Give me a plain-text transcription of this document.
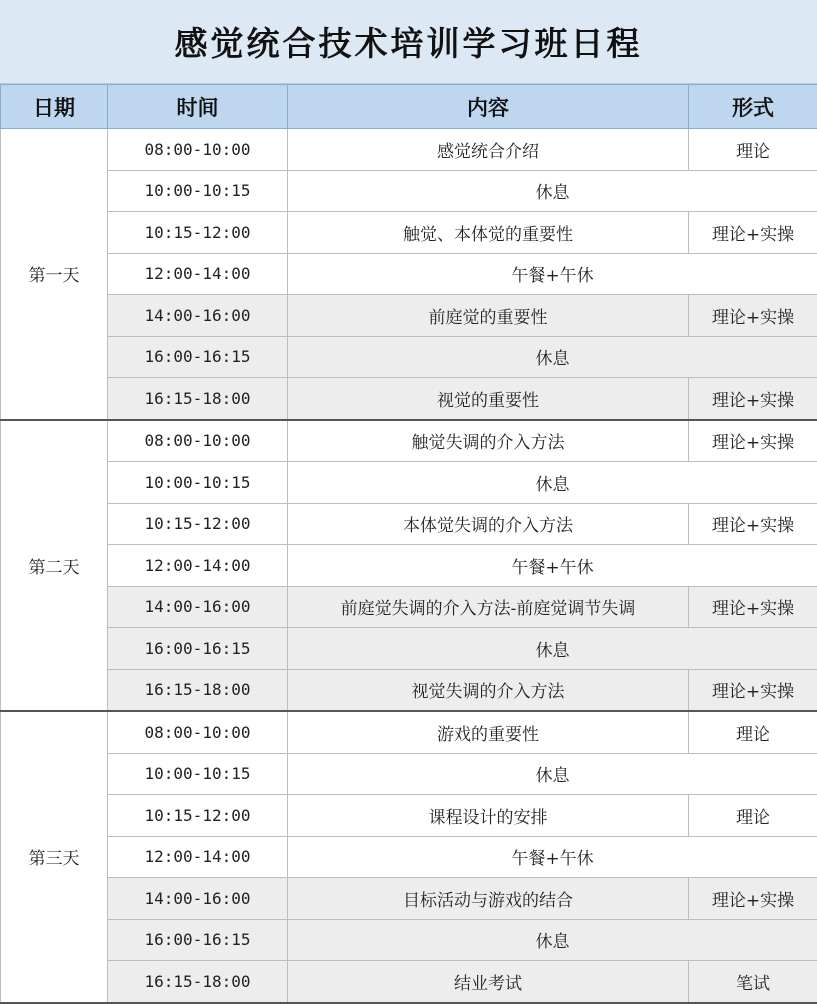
感觉统合技术培训学习班日程
日期	时间	内容	形式
第一天	08:00-10:00	感觉统合介绍	理论
	10:00-10:15	休息	
	10:15-12:00	触觉、本体觉的重要性	理论+实操
	12:00-14:00	午餐+午休	
	14:00-16:00	前庭觉的重要性	理论+实操
	16:00-16:15	休息	
	16:15-18:00	视觉的重要性	理论+实操
第二天	08:00-10:00	触觉失调的介入方法	理论+实操
	10:00-10:15	休息	
	10:15-12:00	本体觉失调的介入方法	理论+实操
	12:00-14:00	午餐+午休	
	14:00-16:00	前庭觉失调的介入方法-前庭觉调节失调	理论+实操
	16:00-16:15	休息	
	16:15-18:00	视觉失调的介入方法	理论+实操
第三天	08:00-10:00	游戏的重要性	理论
	10:00-10:15	休息	
	10:15-12:00	课程设计的安排	理论
	12:00-14:00	午餐+午休	
	14:00-16:00	目标活动与游戏的结合	理论+实操
	16:00-16:15	休息	
	16:15-18:00	结业考试	笔试
